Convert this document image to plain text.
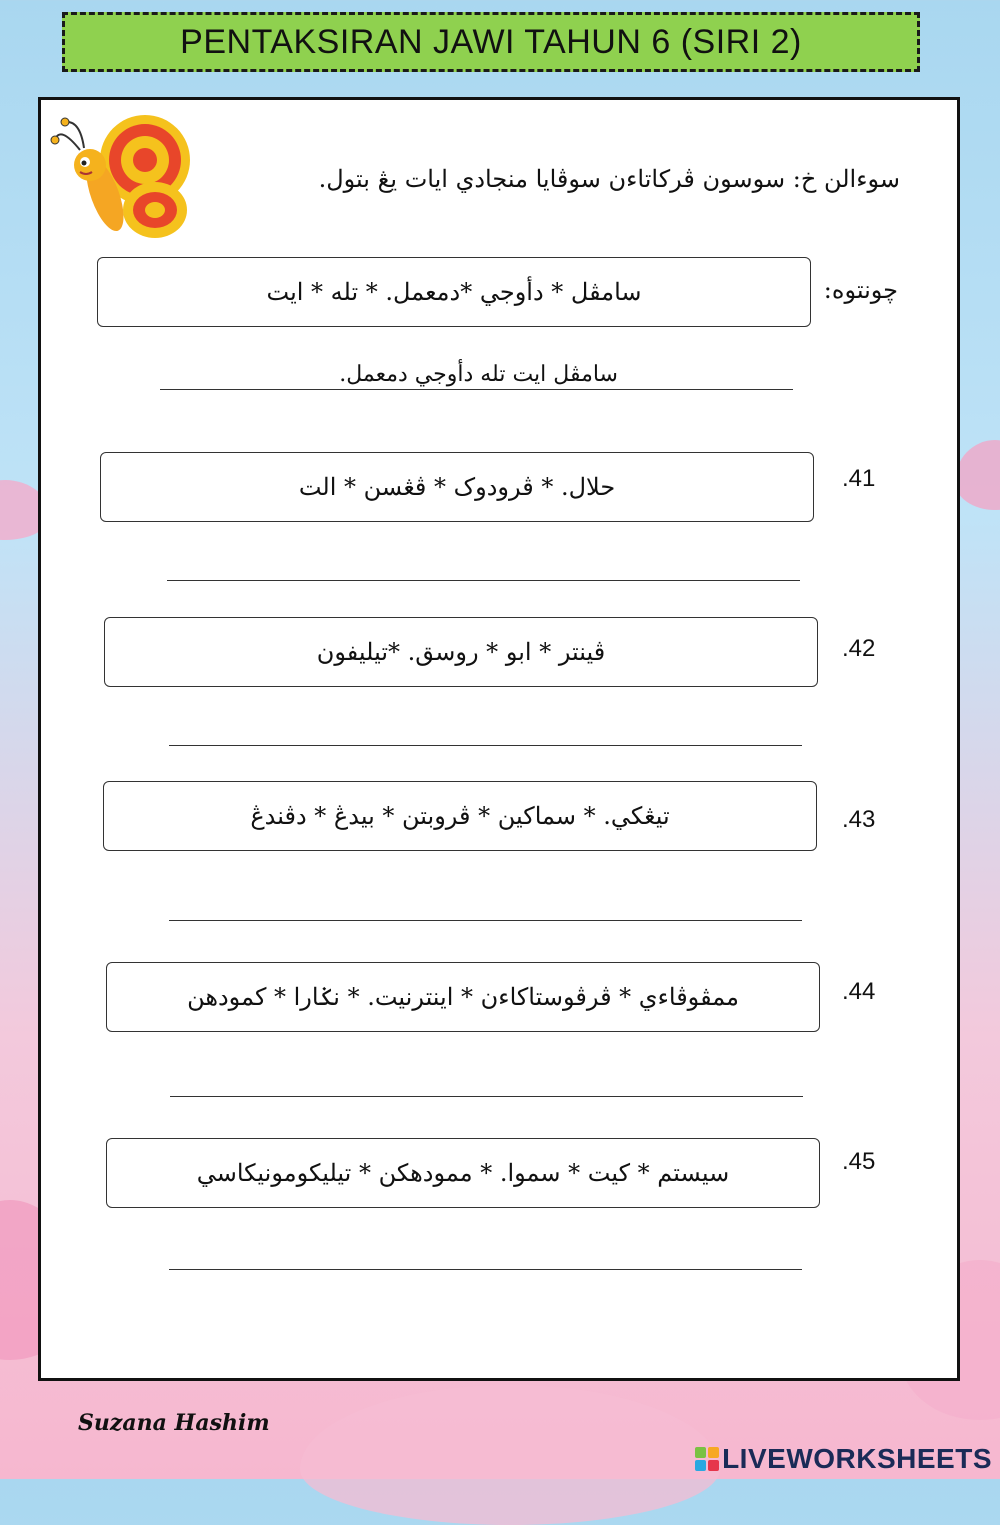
PENTAKSIRAN JAWI TAHUN 6 (SIRI 2)
سوءالن خ: سوسون ڤركاتاءن سوڤايا منجادي ايات يڠ بتول.
چونتوه:
سامڤل * دأوجي *دمعمل. * تله * ايت
سامڤل ايت تله دأوجي دمعمل.
.41
حلال. * ڤرودوک * ڤڠسن * الت
.42
ڤينتر * ابو * روسق. *تيليفون
.43
تيڠکي. * سماکين * ڤروبتن * بيدڠ * دڤندڠ
.44
ممڤوڤاءي * ڤرڤوستاکاءن * اينترنيت. * نݢارا * کمودهن
.45
سيستم * کيت * سموا. * ممودهکن * تيليکومونيکاسي
Suzana Hashim
LIVEWORKSHEETS
